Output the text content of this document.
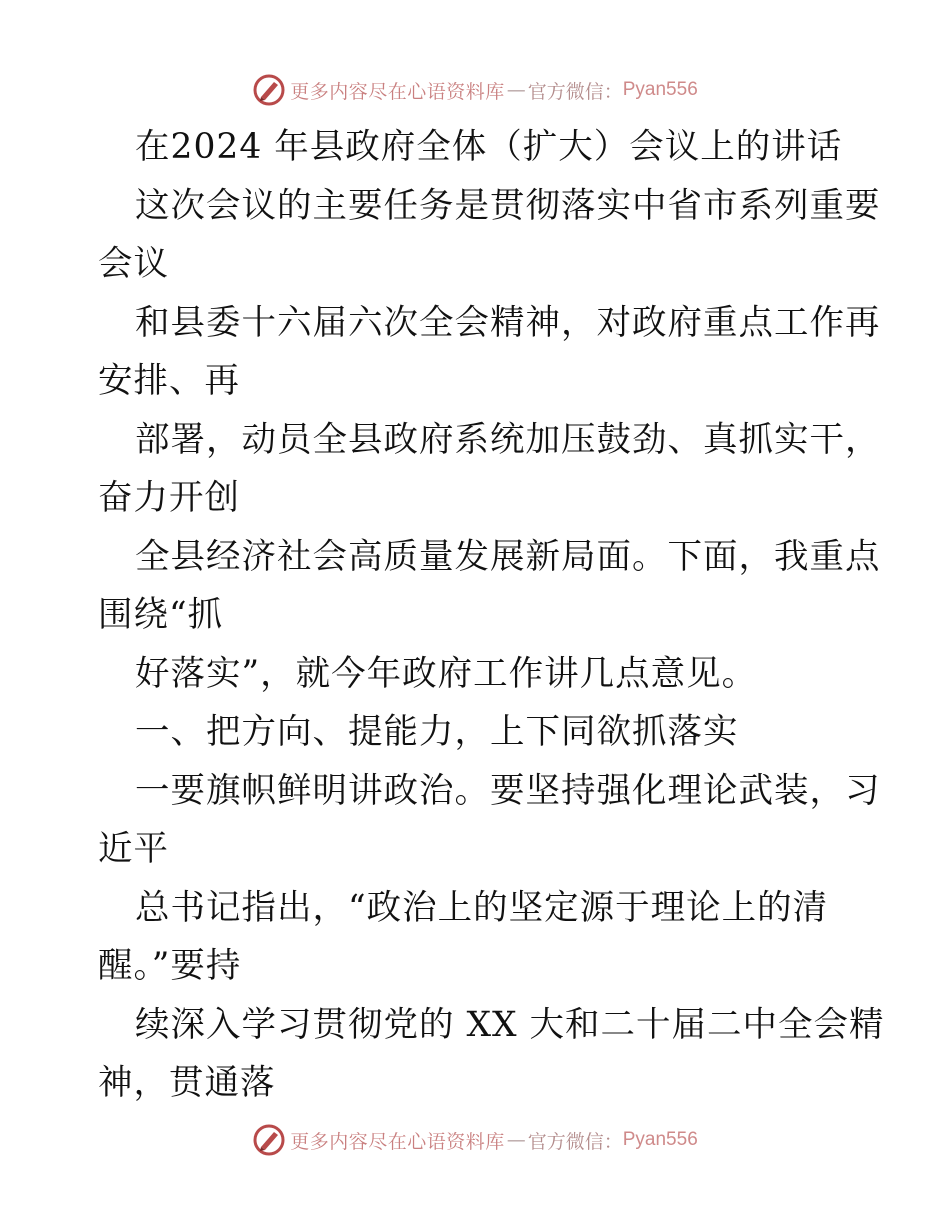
更多内容尽在心语资料库 — 官方微信： Pyan556
在2024 年县政府全体（扩大）会议上的讲话
这次会议的主要任务是贯彻落实中省市系列重要
会议
和县委十六届六次全会精神，对政府重点工作再
安排、再
部署，动员全县政府系统加压鼓劲、真抓实干，
奋力开创
全县经济社会高质量发展新局面。下面，我重点
围绕“抓
好落实”，就今年政府工作讲几点意见。
一、把方向、提能力，上下同欲抓落实
一要旗帜鲜明讲政治。要坚持强化理论武装，习
近平
总书记指出，“政治上的坚定源于理论上的清
醒。”要持
续深入学习贯彻党的 XX 大和二十届二中全会精
神，贯通落
更多内容尽在心语资料库 — 官方微信： Pyan556
